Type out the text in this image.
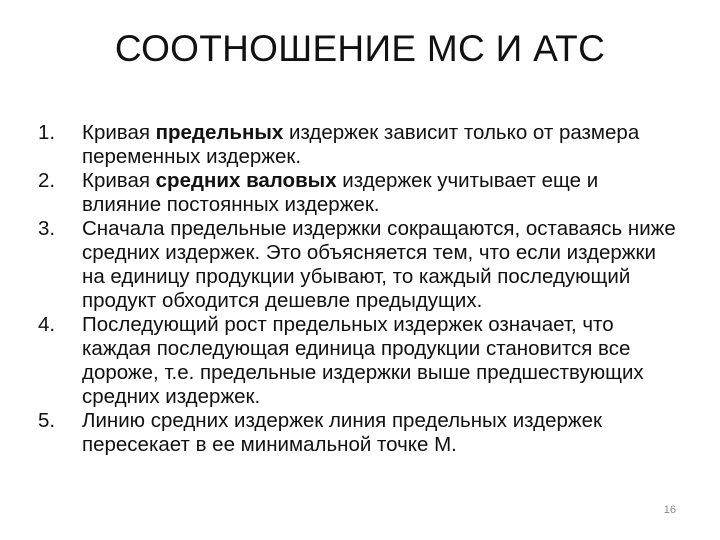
СООТНОШЕНИЕ МС И АТС
1.	Кривая предельных издержек зависит только от размера переменных издержек.
2.	Кривая средних валовых издержек учитывает еще и влияние постоянных издержек.
3.	Сначала предельные издержки сокращаются, оставаясь ниже средних издержек. Это объясняется тем, что если издержки на единицу продукции убывают, то каждый последующий продукт обходится дешевле предыдущих.
4.	Последующий рост предельных издержек означает, что каждая последующая единица продукции становится все дороже, т.е. предельные издержки выше предшествующих средних издержек.
5.	Линию средних издержек линия предельных издержек пересекает в ее минимальной точке М.
16
